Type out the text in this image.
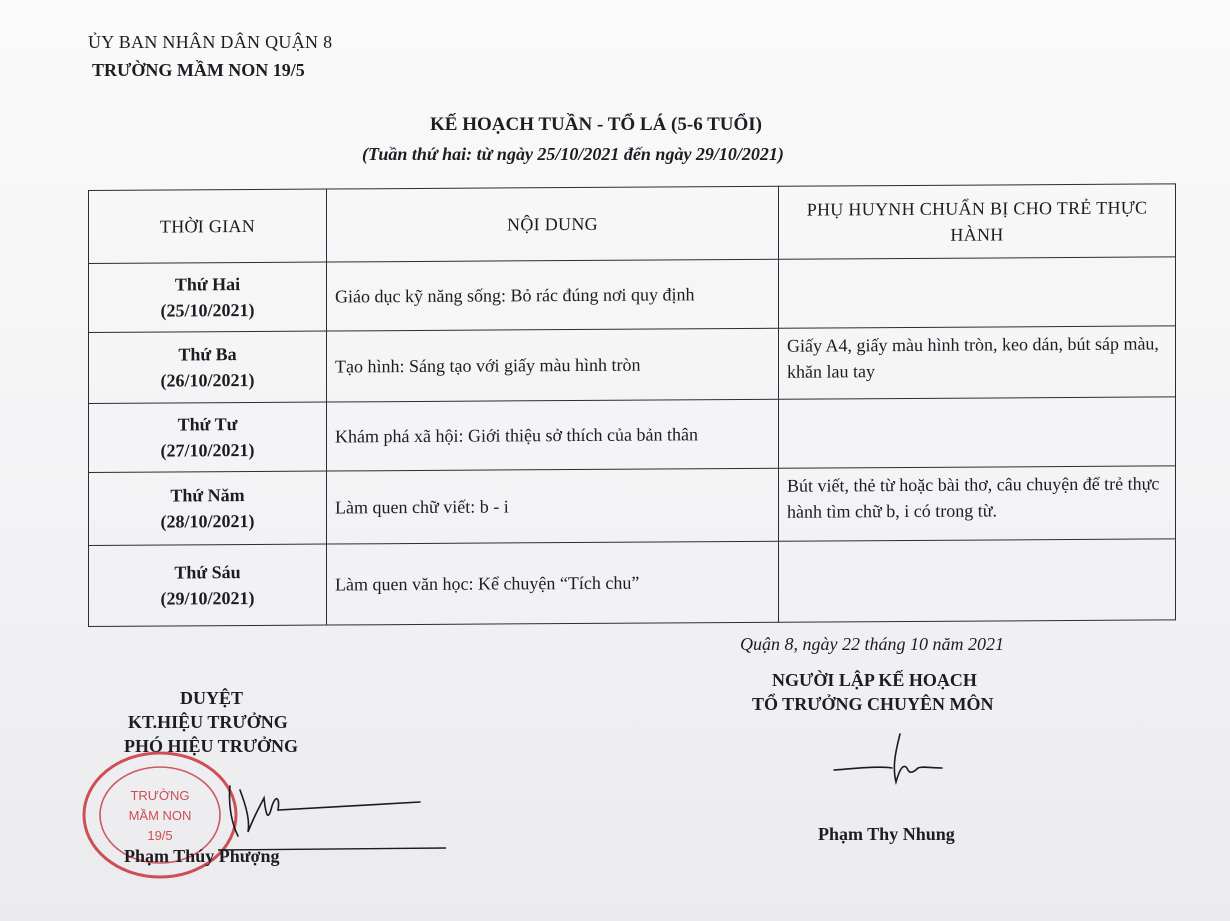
ỦY BAN NHÂN DÂN QUẬN 8
TRƯỜNG MẦM NON 19/5
KẾ HOẠCH TUẦN - TỔ LÁ (5-6 TUỔI)
(Tuần thứ hai: từ ngày 25/10/2021 đến ngày 29/10/2021)
THỜI GIAN	NỘI DUNG	PHỤ HUYNH CHUẨN BỊ CHO TRẺ THỰC HÀNH

Thứ Hai
(25/10/2021)	Giáo dục kỹ năng sống: Bỏ rác đúng nơi quy định	

Thứ Ba
(26/10/2021)	Tạo hình: Sáng tạo với giấy màu hình tròn	Giấy A4, giấy màu hình tròn, keo dán, bút sáp màu, khăn lau tay

Thứ Tư
(27/10/2021)	Khám phá xã hội: Giới thiệu sở thích của bản thân	

Thứ Năm
(28/10/2021)	Làm quen chữ viết: b - i	Bút viết, thẻ từ hoặc bài thơ, câu chuyện để trẻ thực hành tìm chữ b, i có trong từ.

Thứ Sáu
(29/10/2021)	Làm quen văn học: Kể chuyện “Tích chu”	
Quận 8, ngày 22 tháng 10 năm 2021
NGƯỜI LẬP KẾ HOẠCH
TỔ TRƯỞNG CHUYÊN MÔN
Phạm Thy Nhung
DUYỆT
KT.HIỆU TRƯỞNG
PHÓ HIỆU TRƯỞNG
TRƯỜNG
MẦM NON
19/5
Phạm Thúy Phượng
